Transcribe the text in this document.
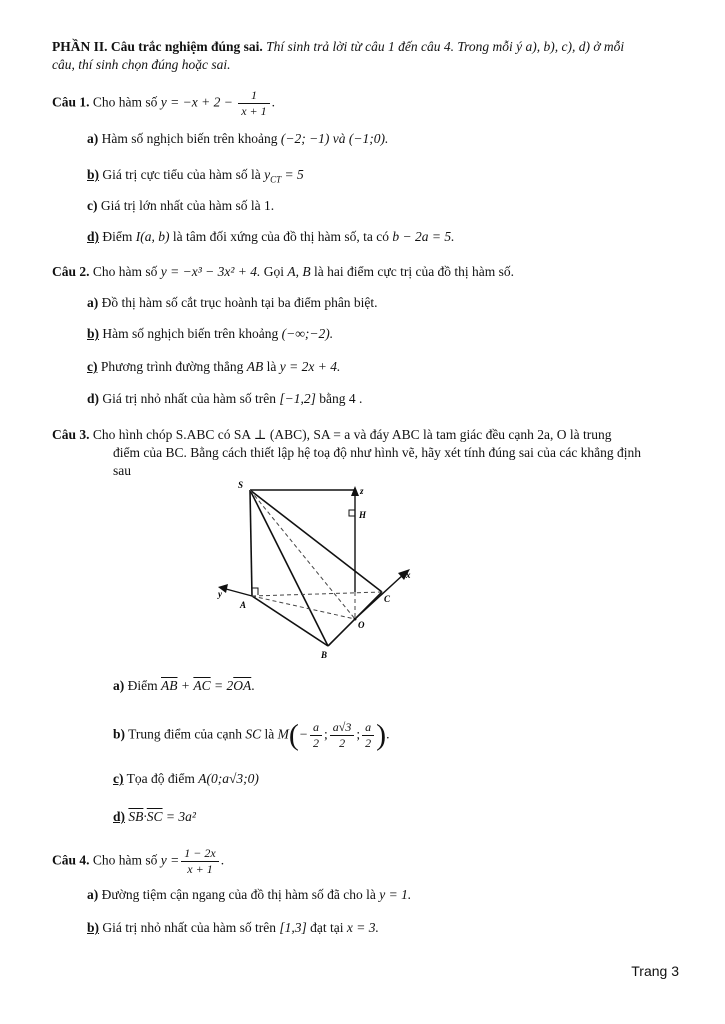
PHẦN II. Câu trắc nghiệm đúng sai. Thí sinh trả lời từ câu 1 đến câu 4. Trong mỗi ý a), b), c), d) ở mỗi
câu, thí sinh chọn đúng hoặc sai.
Câu 1. Cho hàm số $y = -x + 2 - \frac{1}{x + 1}$ .
a) Hàm số nghịch biến trên khoảng (−2; −1) và (−1;0).
b) Giá trị cực tiểu của hàm số là $y_{CT} = 5$
c) Giá trị lớn nhất của hàm số là 1.
d) Điểm I(a, b) là tâm đối xứng của đồ thị hàm số, ta có b − 2a = 5.
Câu 2. Cho hàm số y = −x³ − 3x² + 4. Gọi A, B là hai điểm cực trị của đồ thị hàm số.
a) Đồ thị hàm số cắt trục hoành tại ba điểm phân biệt.
b) Hàm số nghịch biến trên khoảng (−∞;−2).
c) Phương trình đường thẳng AB là y = 2x + 4.
d) Giá trị nhỏ nhất của hàm số trên [−1,2] bằng 4 .
Câu 3. Cho hình chóp S.ABC có SA ⊥ (ABC), SA = a và đáy ABC là tam giác đều cạnh 2a, O là trung
điểm của BC. Bằng cách thiết lập hệ toạ độ như hình vẽ, hãy xét tính đúng sai của các khẳng định
sau
S
A
B
C
O
H
z
x
y
a) Điểm $\overline{AB} + \overline{AC} = 2\overline{OA}$.
b) Trung điểm của cạnh SC là $M(- \frac{a}{2}$ ; $\frac{a√3}{2}$ ; $\frac{a}{2}$ ).
c) Tọa độ điểm A(0;a√3;0)
d) $\overline{SB}\cdot\overline{SC} = 3a^2$
Câu 4. Cho hàm số $y = \frac{1 - 2x}{x + 1}$ .
a) Đường tiệm cận ngang của đồ thị hàm số đã cho là y = 1.
b) Giá trị nhỏ nhất của hàm số trên [1,3] đạt tại x = 3.
Trang 3
